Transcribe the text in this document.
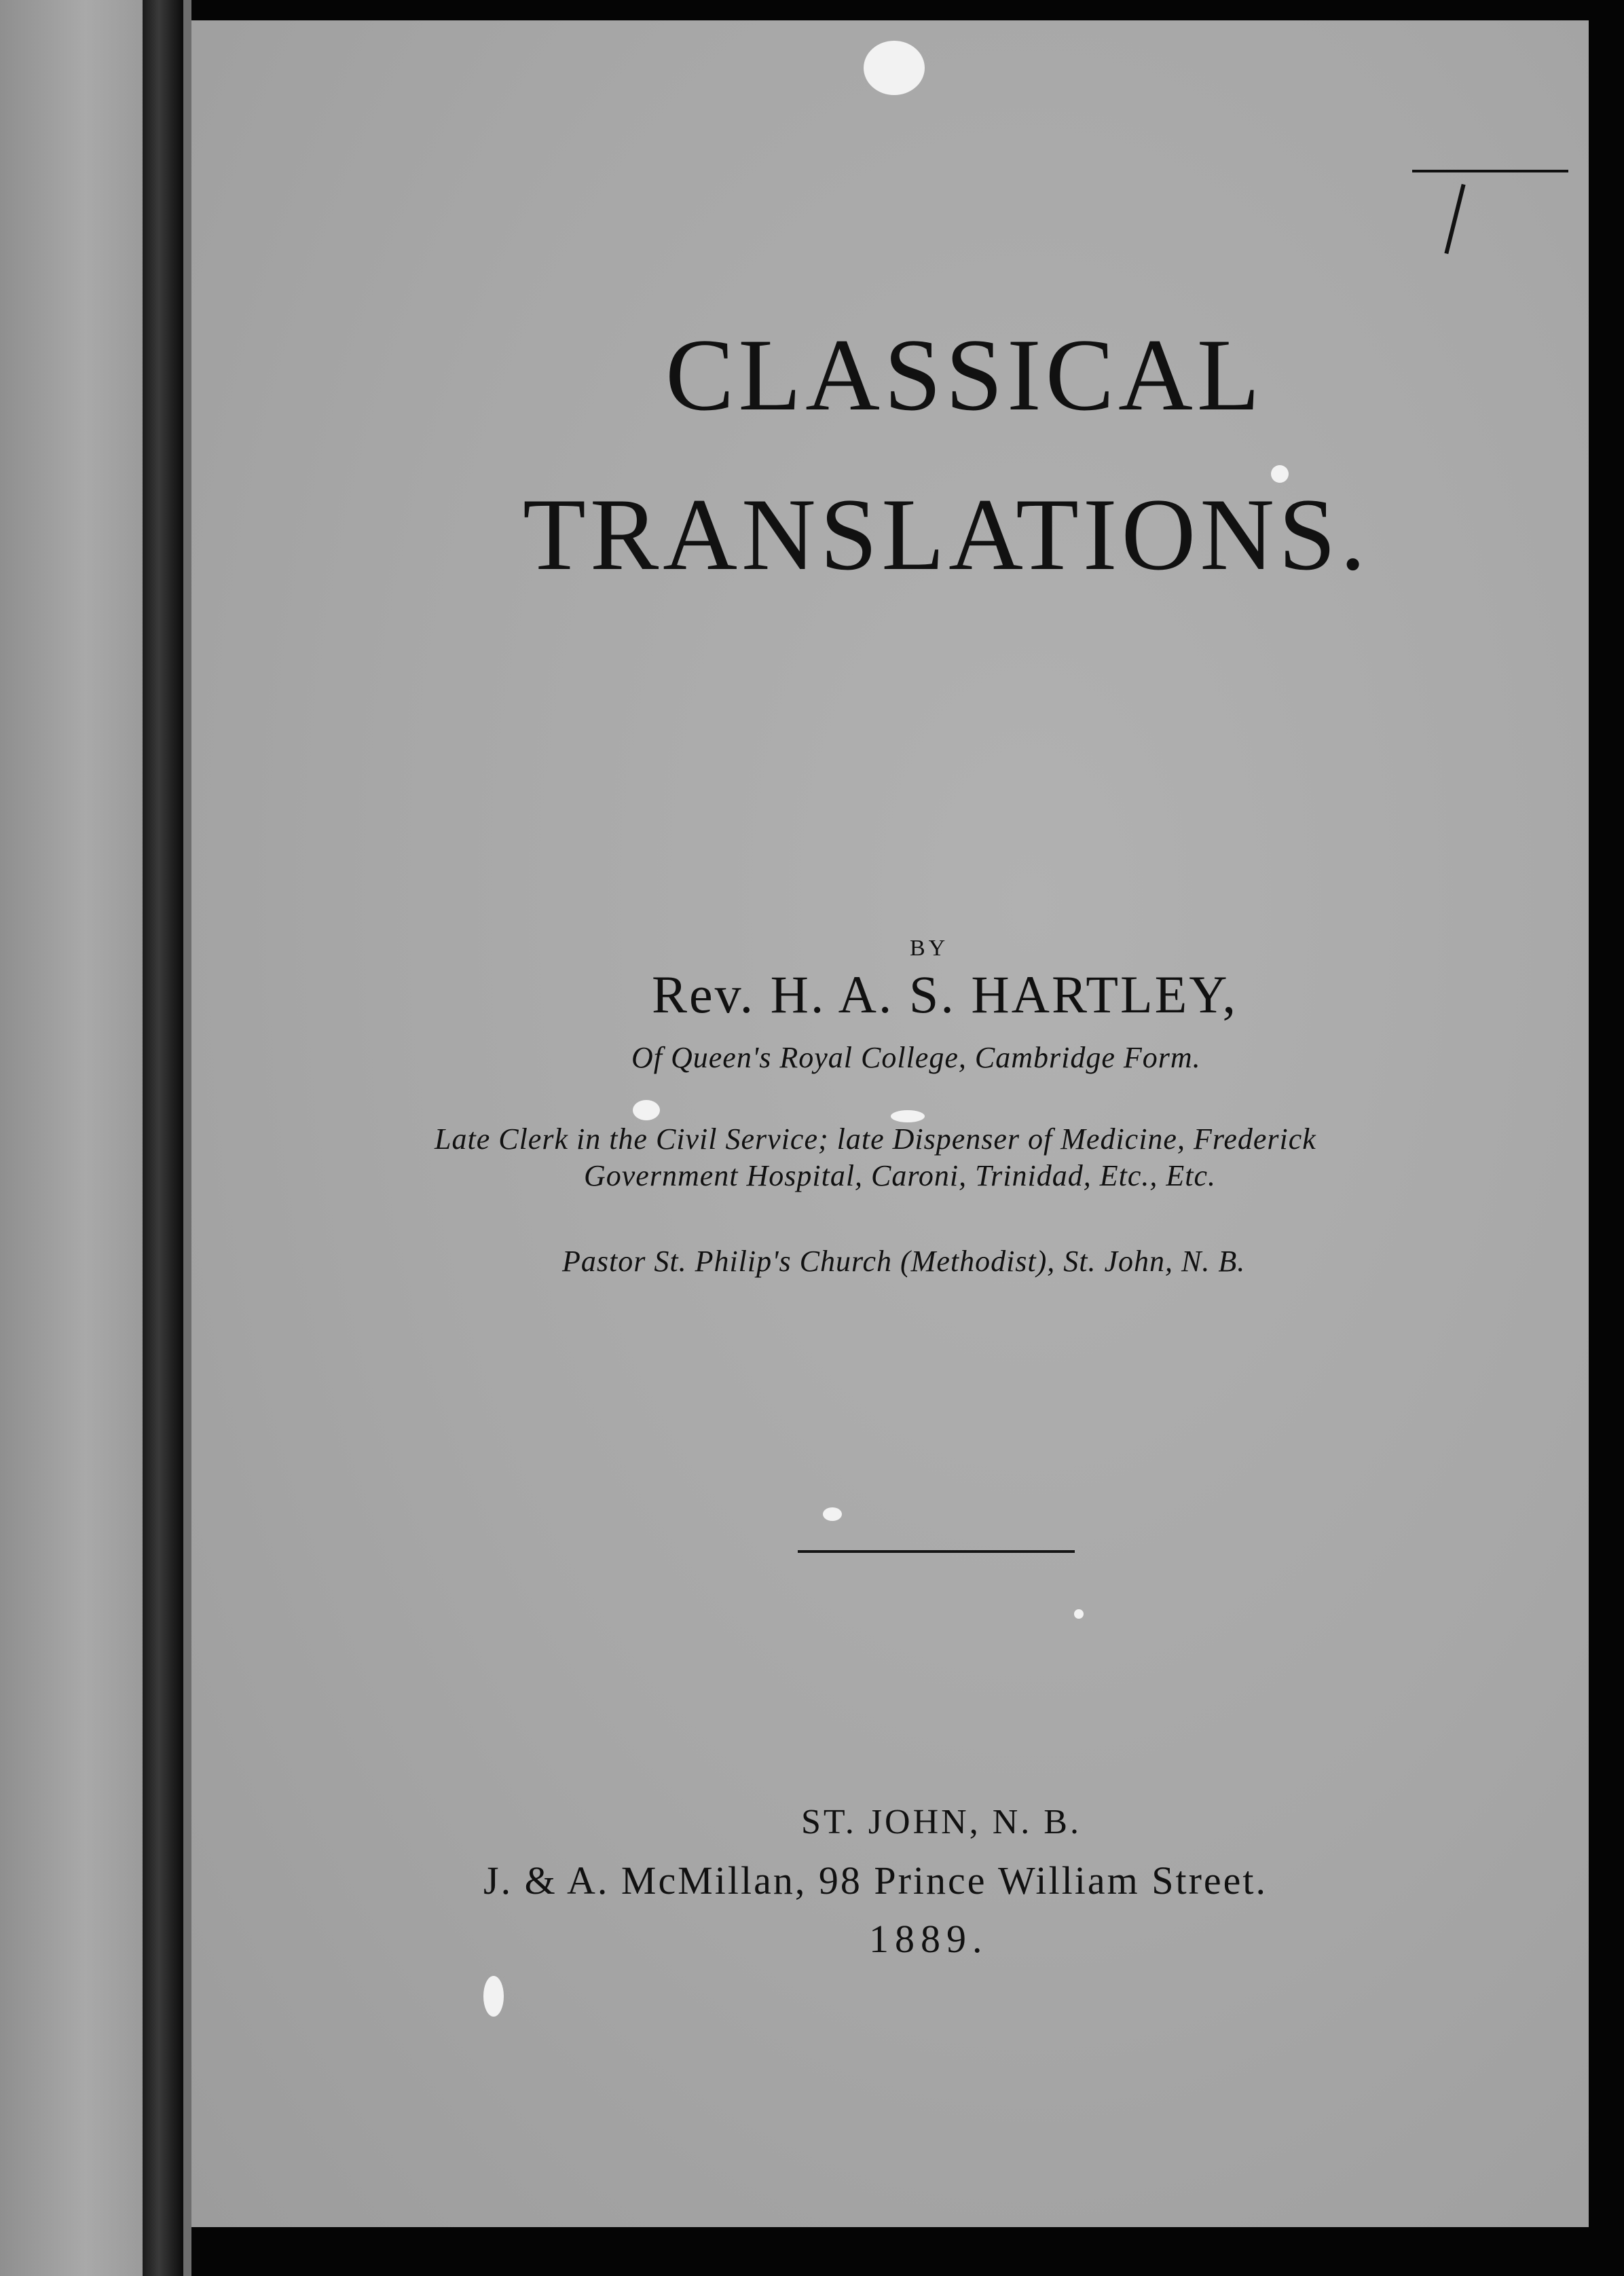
CLASSICAL
TRANSLATIONS.
BY
Rev. H. A. S. HARTLEY,
Of Queen's Royal College, Cambridge Form.
Late Clerk in the Civil Service; late Dispenser of Medicine, Frederick
Government Hospital, Caroni, Trinidad, Etc., Etc.
Pastor St. Philip's Church (Methodist), St. John, N. B.
ST. JOHN, N. B.
J. & A. McMillan, 98 Prince William Street.
1889.
